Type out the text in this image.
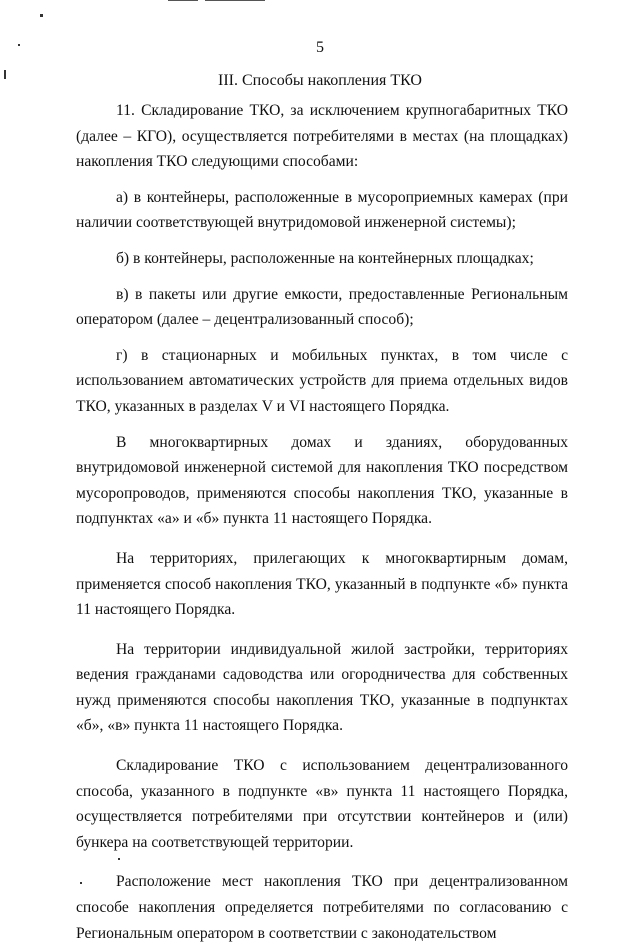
5
III. Способы накопления ТКО

11. Складирование ТКО, за исключением крупногабаритных ТКО (далее – КГО), осуществляется потребителями в местах (на площадках) накопления ТКО следующими способами:

а) в контейнеры, расположенные в мусороприемных камерах (при наличии соответствующей внутридомовой инженерной системы);

б) в контейнеры, расположенные на контейнерных площадках;

в) в пакеты или другие емкости, предоставленные Региональным оператором (далее – децентрализованный способ);

г) в стационарных и мобильных пунктах, в том числе с использованием автоматических устройств для приема отдельных видов ТКО, указанных в разделах V и VI настоящего Порядка.

В многоквартирных домах и зданиях, оборудованных внутридомовой инженерной системой для накопления ТКО посредством мусоропроводов, применяются способы накопления ТКО, указанные в подпунктах «а» и «б» пункта 11 настоящего Порядка.

На территориях, прилегающих к многоквартирным домам, применяется способ накопления ТКО, указанный в подпункте «б» пункта 11 настоящего Порядка.

На территории индивидуальной жилой застройки, территориях ведения гражданами садоводства или огородничества для собственных нужд применяются способы накопления ТКО, указанные в подпунктах «б», «в» пункта 11 настоящего Порядка.

Складирование ТКО с использованием децентрализованного способа, указанного в подпункте «в» пункта 11 настоящего Порядка, осуществляется потребителями при отсутствии контейнеров и (или) бункера на соответствующей территории.

Расположение мест накопления ТКО при децентрализованном способе накопления определяется потребителями по согласованию с Региональным оператором в соответствии с законодательством
